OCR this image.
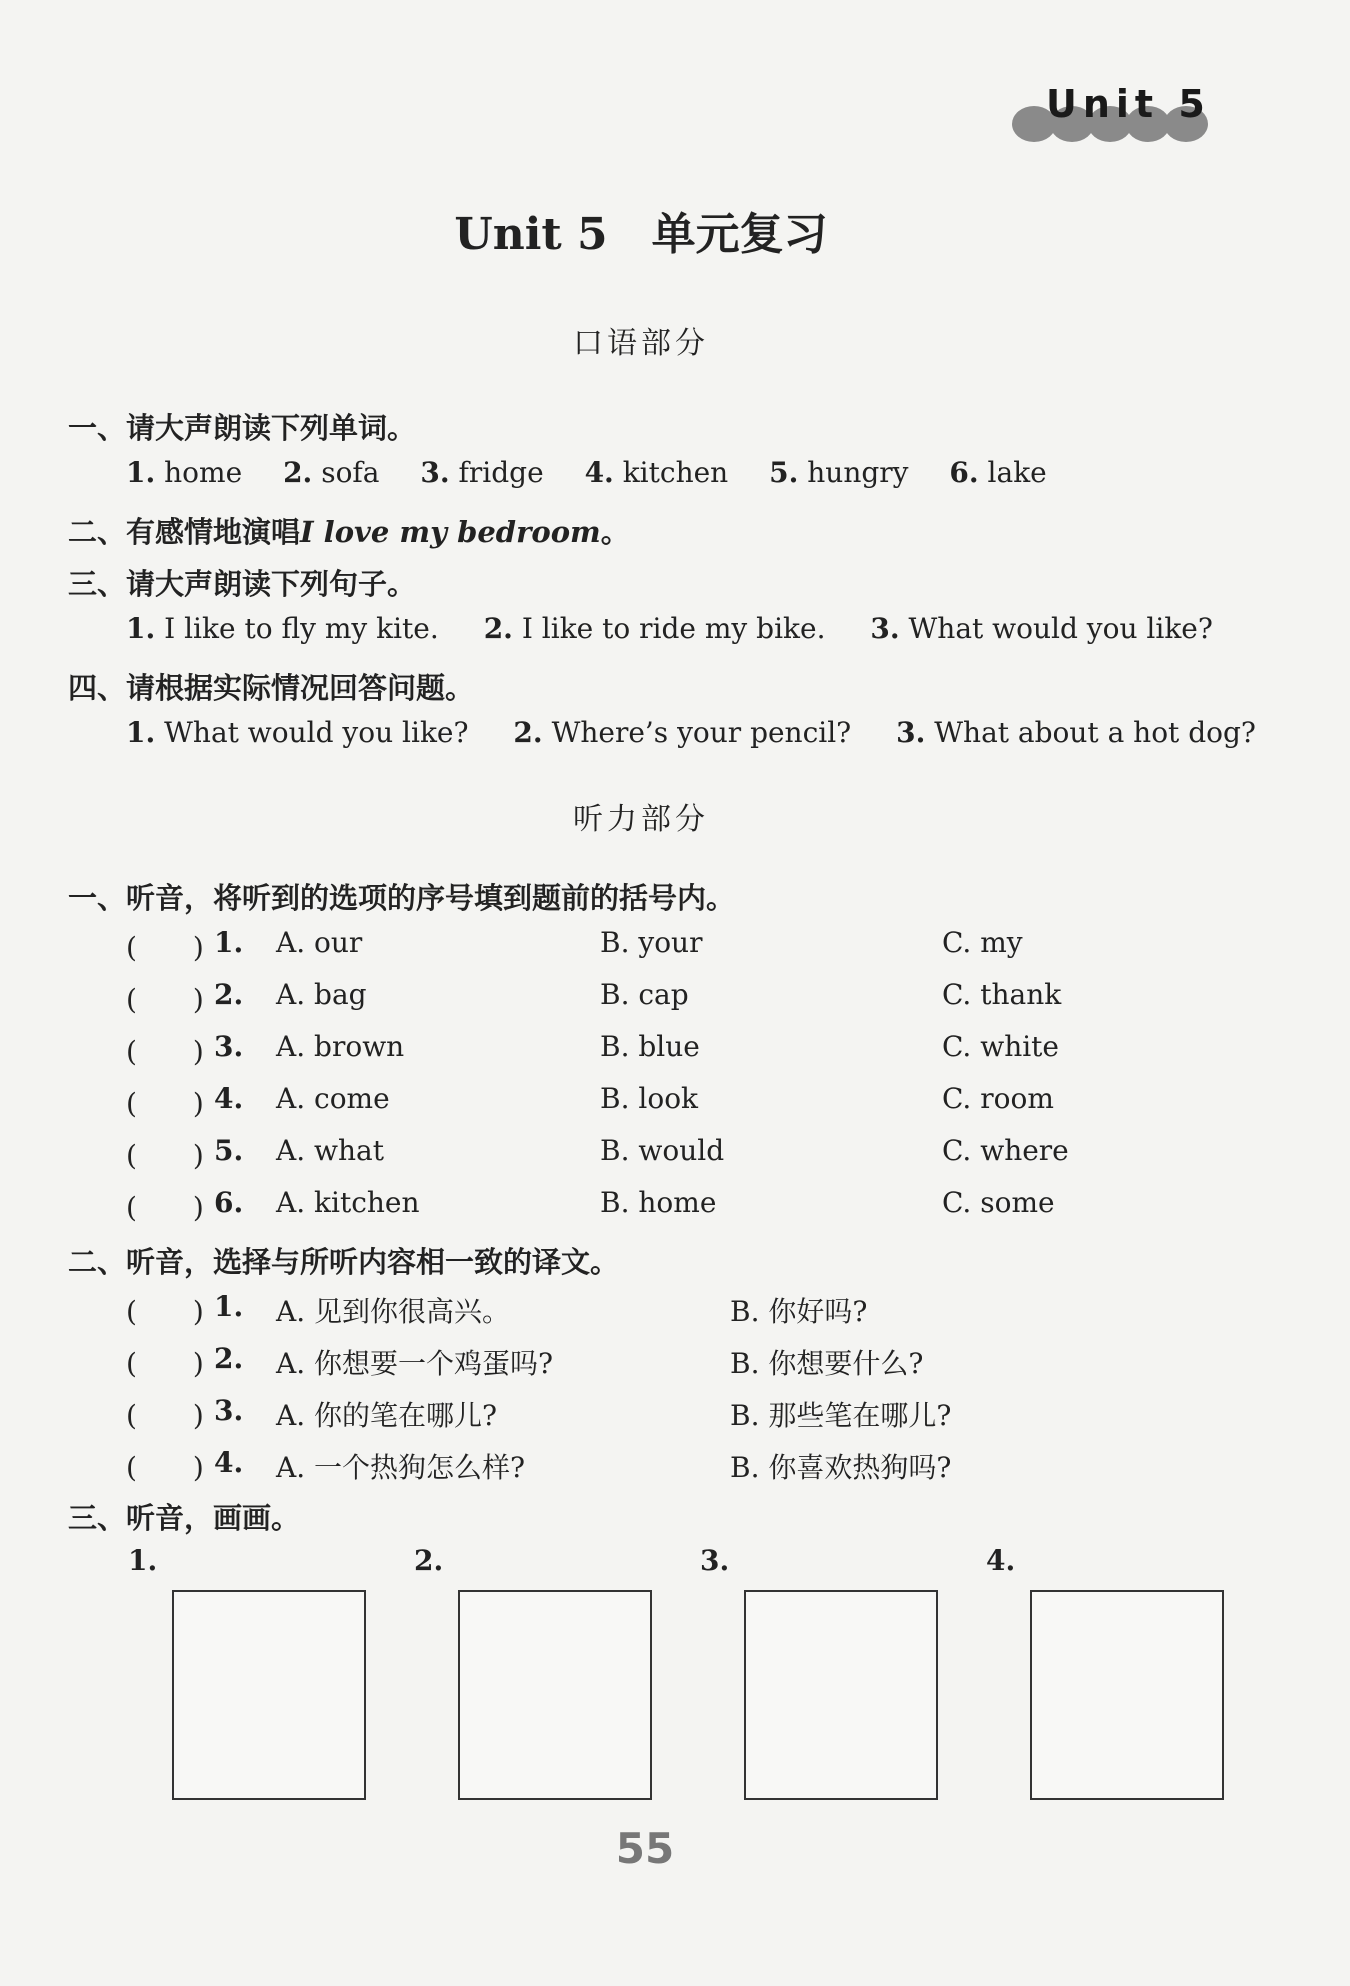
Unit 5
Unit 5　单元复习
口语部分
一、请大声朗读下列单词。
1. home 2. sofa 3. fridge 4. kitchen 5. hungry 6. lake
二、有感情地演唱I love my bedroom。
三、请大声朗读下列句子。
1. I like to fly my kite. 2. I like to ride my bike. 3. What would you like?
四、请根据实际情况回答问题。
1. What would you like? 2. Where’s your pencil? 3. What about a hot dog?
听力部分
一、听音，将听到的选项的序号填到题前的括号内。
(　　) 1. A. our	B. your	C. my
(　　) 2. A. bag	B. cap	C. thank
(　　) 3. A. brown	B. blue	C. white
(　　) 4. A. come	B. look	C. room
(　　) 5. A. what	B. would	C. where
(　　) 6. A. kitchen	B. home	C. some
二、听音，选择与所听内容相一致的译文。
(　　) 1. A. 见到你很高兴。	B. 你好吗?
(　　) 2. A. 你想要一个鸡蛋吗?	B. 你想要什么?
(　　) 3. A. 你的笔在哪儿?	B. 那些笔在哪儿?
(　　) 4. A. 一个热狗怎么样?	B. 你喜欢热狗吗?
三、听音，画画。
1.	2.	3.	4.
55
